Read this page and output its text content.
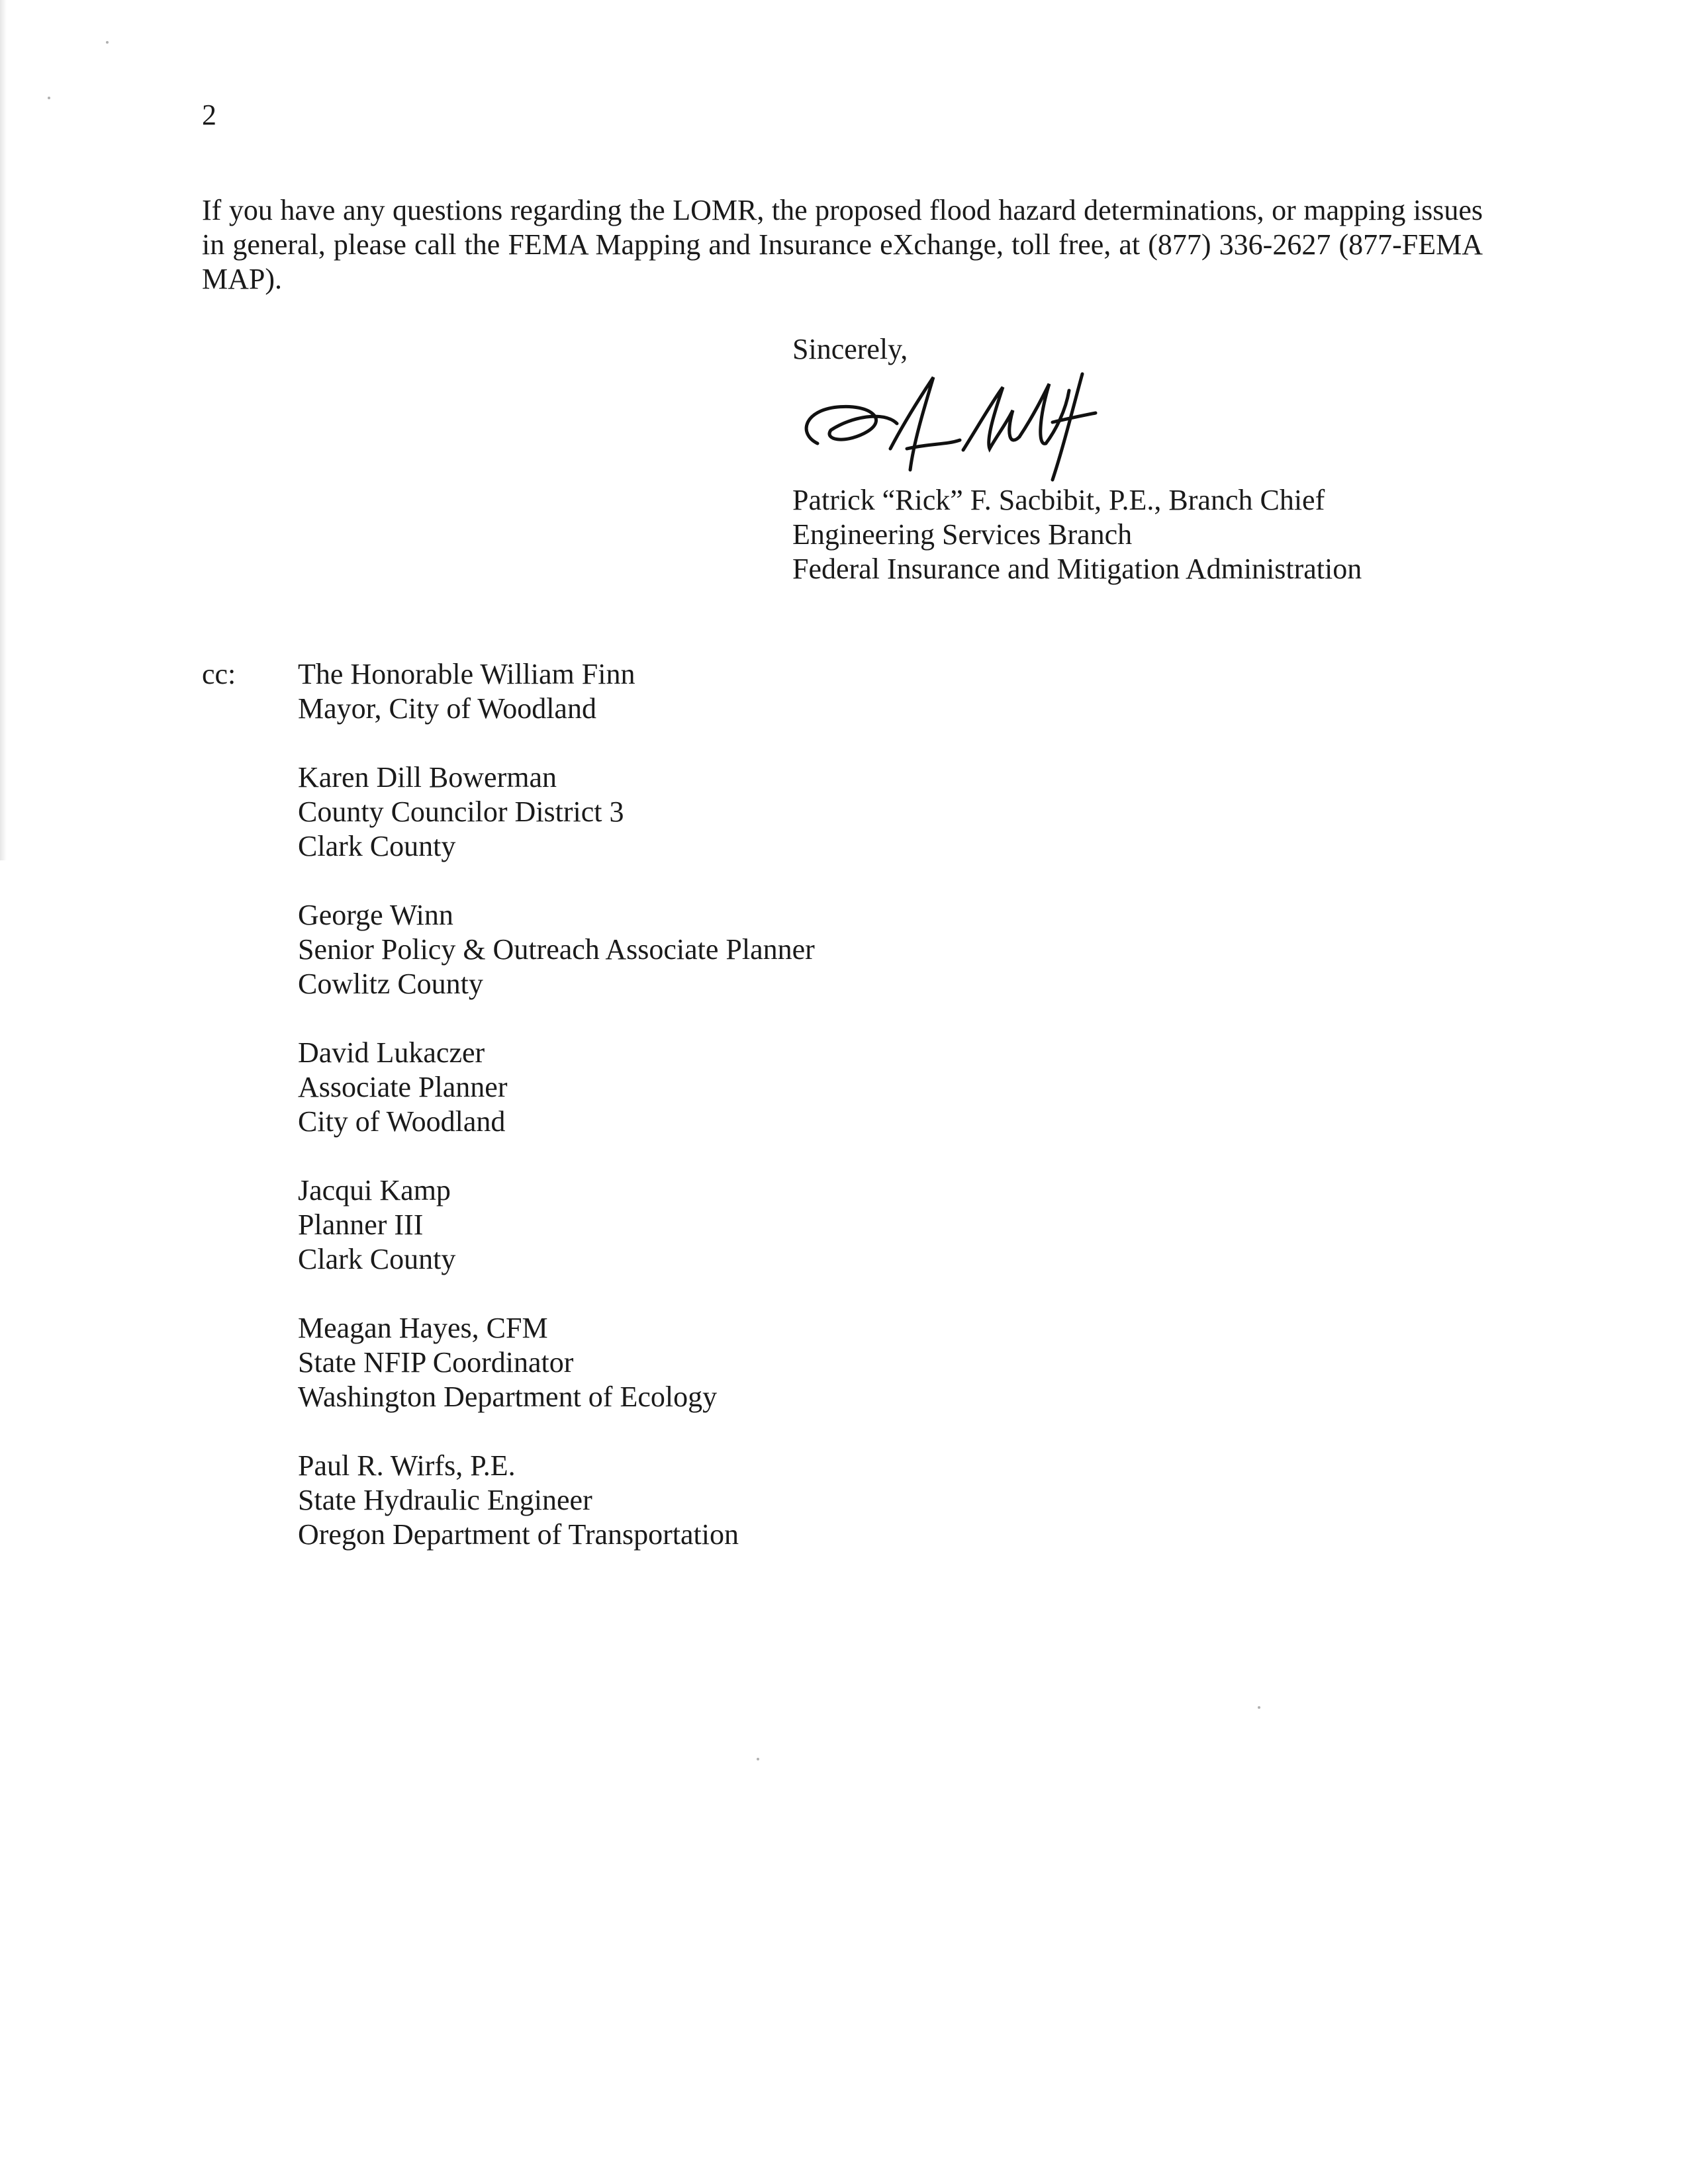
2

If you have any questions regarding the LOMR, the proposed flood hazard determinations, or mapping issues in general, please call the FEMA Mapping and Insurance eXchange, toll free, at (877) 336-2627 (877-FEMA MAP).

Sincerely,
Patrick “Rick” F. Sacbibit, P.E., Branch Chief
Engineering Services Branch
Federal Insurance and Mitigation Administration
cc: The Honorable William Finn
Mayor, City of Woodland
Karen Dill Bowerman
County Councilor District 3
Clark County
George Winn
Senior Policy & Outreach Associate Planner
Cowlitz County
David Lukaczer
Associate Planner
City of Woodland
Jacqui Kamp
Planner III
Clark County
Meagan Hayes, CFM
State NFIP Coordinator
Washington Department of Ecology
Paul R. Wirfs, P.E.
State Hydraulic Engineer
Oregon Department of Transportation
